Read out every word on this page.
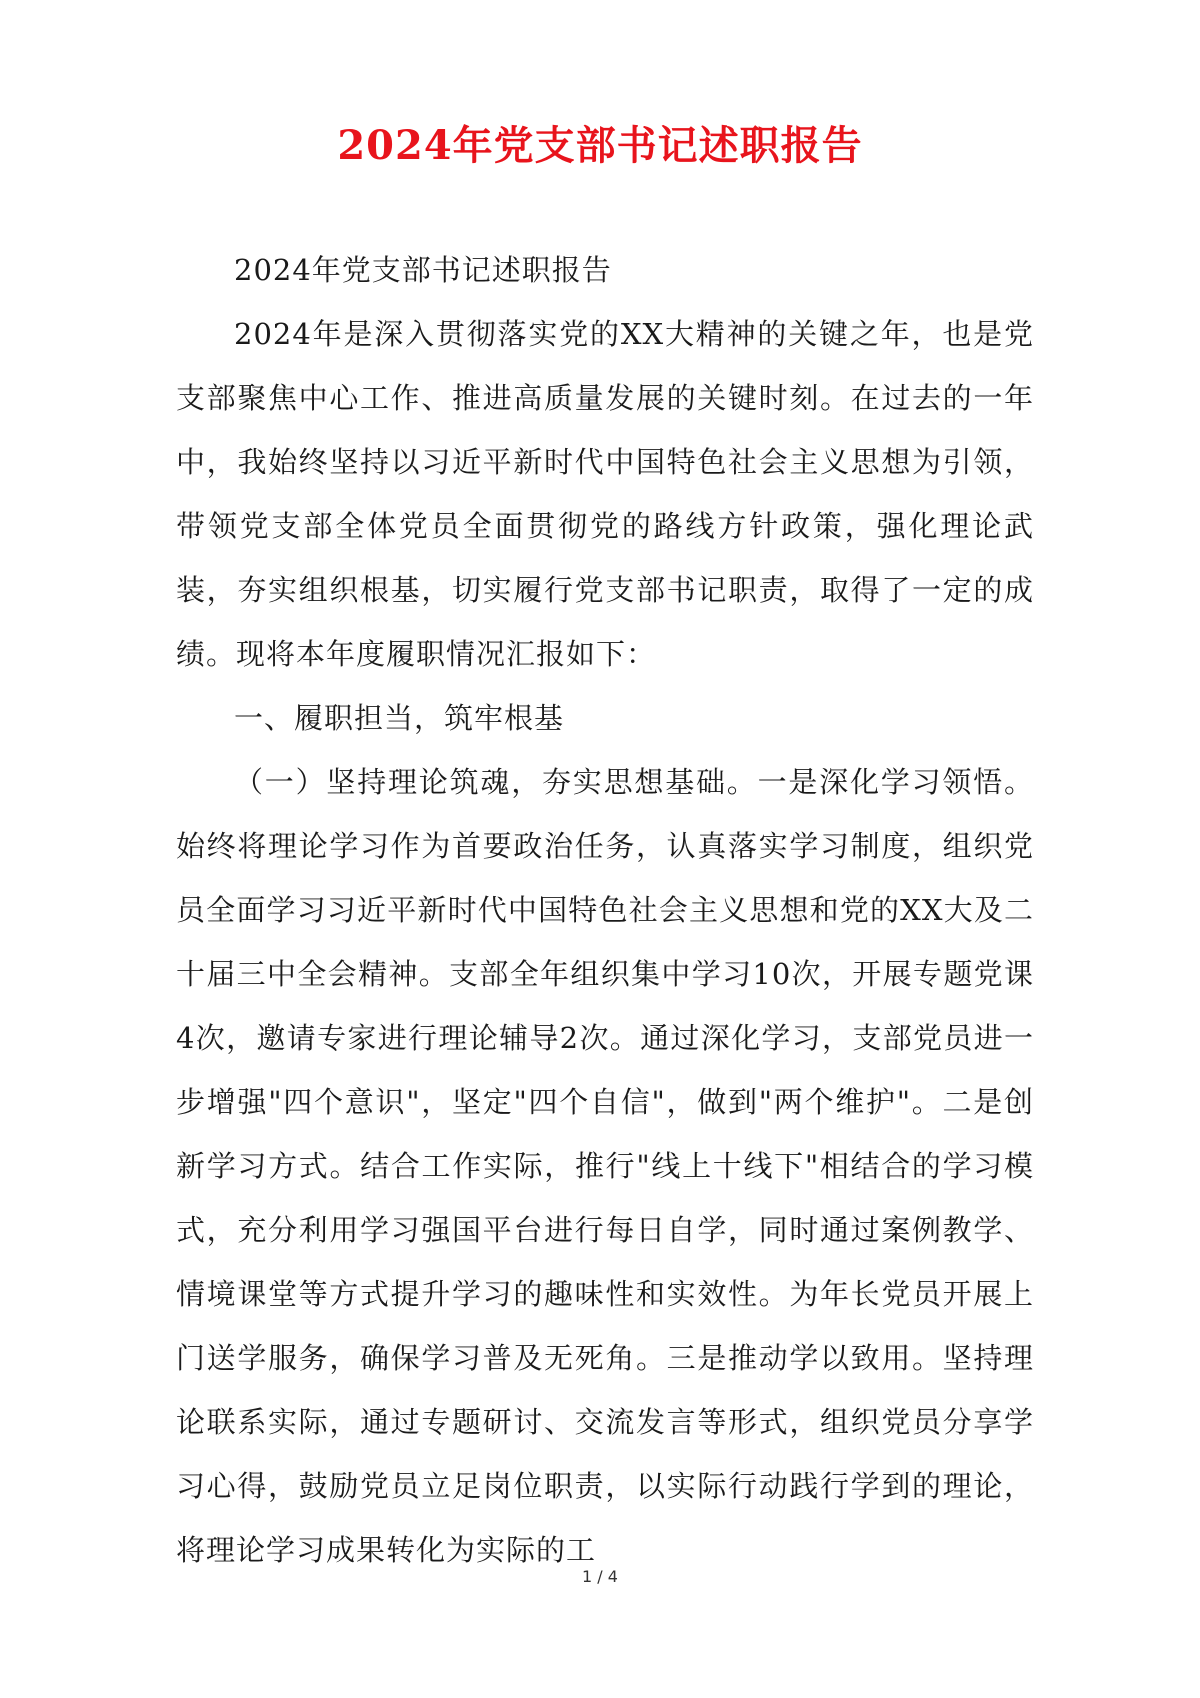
2024年党支部书记述职报告

2024年党支部书记述职报告

2024年是深入贯彻落实党的XX大精神的关键之年，也是党支部聚焦中心工作、推进高质量发展的关键时刻。在过去的一年中，我始终坚持以习近平新时代中国特色社会主义思想为引领，带领党支部全体党员全面贯彻党的路线方针政策，强化理论武装，夯实组织根基，切实履行党支部书记职责，取得了一定的成绩。现将本年度履职情况汇报如下：

一、履职担当，筑牢根基

（一）坚持理论筑魂，夯实思想基础。一是深化学习领悟。始终将理论学习作为首要政治任务，认真落实学习制度，组织党员全面学习习近平新时代中国特色社会主义思想和党的XX大及二十届三中全会精神。支部全年组织集中学习10次，开展专题党课4次，邀请专家进行理论辅导2次。通过深化学习，支部党员进一步增强"四个意识"，坚定"四个自信"，做到"两个维护"。二是创新学习方式。结合工作实际，推行"线上十线下"相结合的学习模式，充分利用学习强国平台进行每日自学，同时通过案例教学、情境课堂等方式提升学习的趣味性和实效性。为年长党员开展上门送学服务，确保学习普及无死角。三是推动学以致用。坚持理论联系实际，通过专题研讨、交流发言等形式，组织党员分享学习心得，鼓励党员立足岗位职责，以实际行动践行学到的理论，将理论学习成果转化为实际的工

1 / 4
